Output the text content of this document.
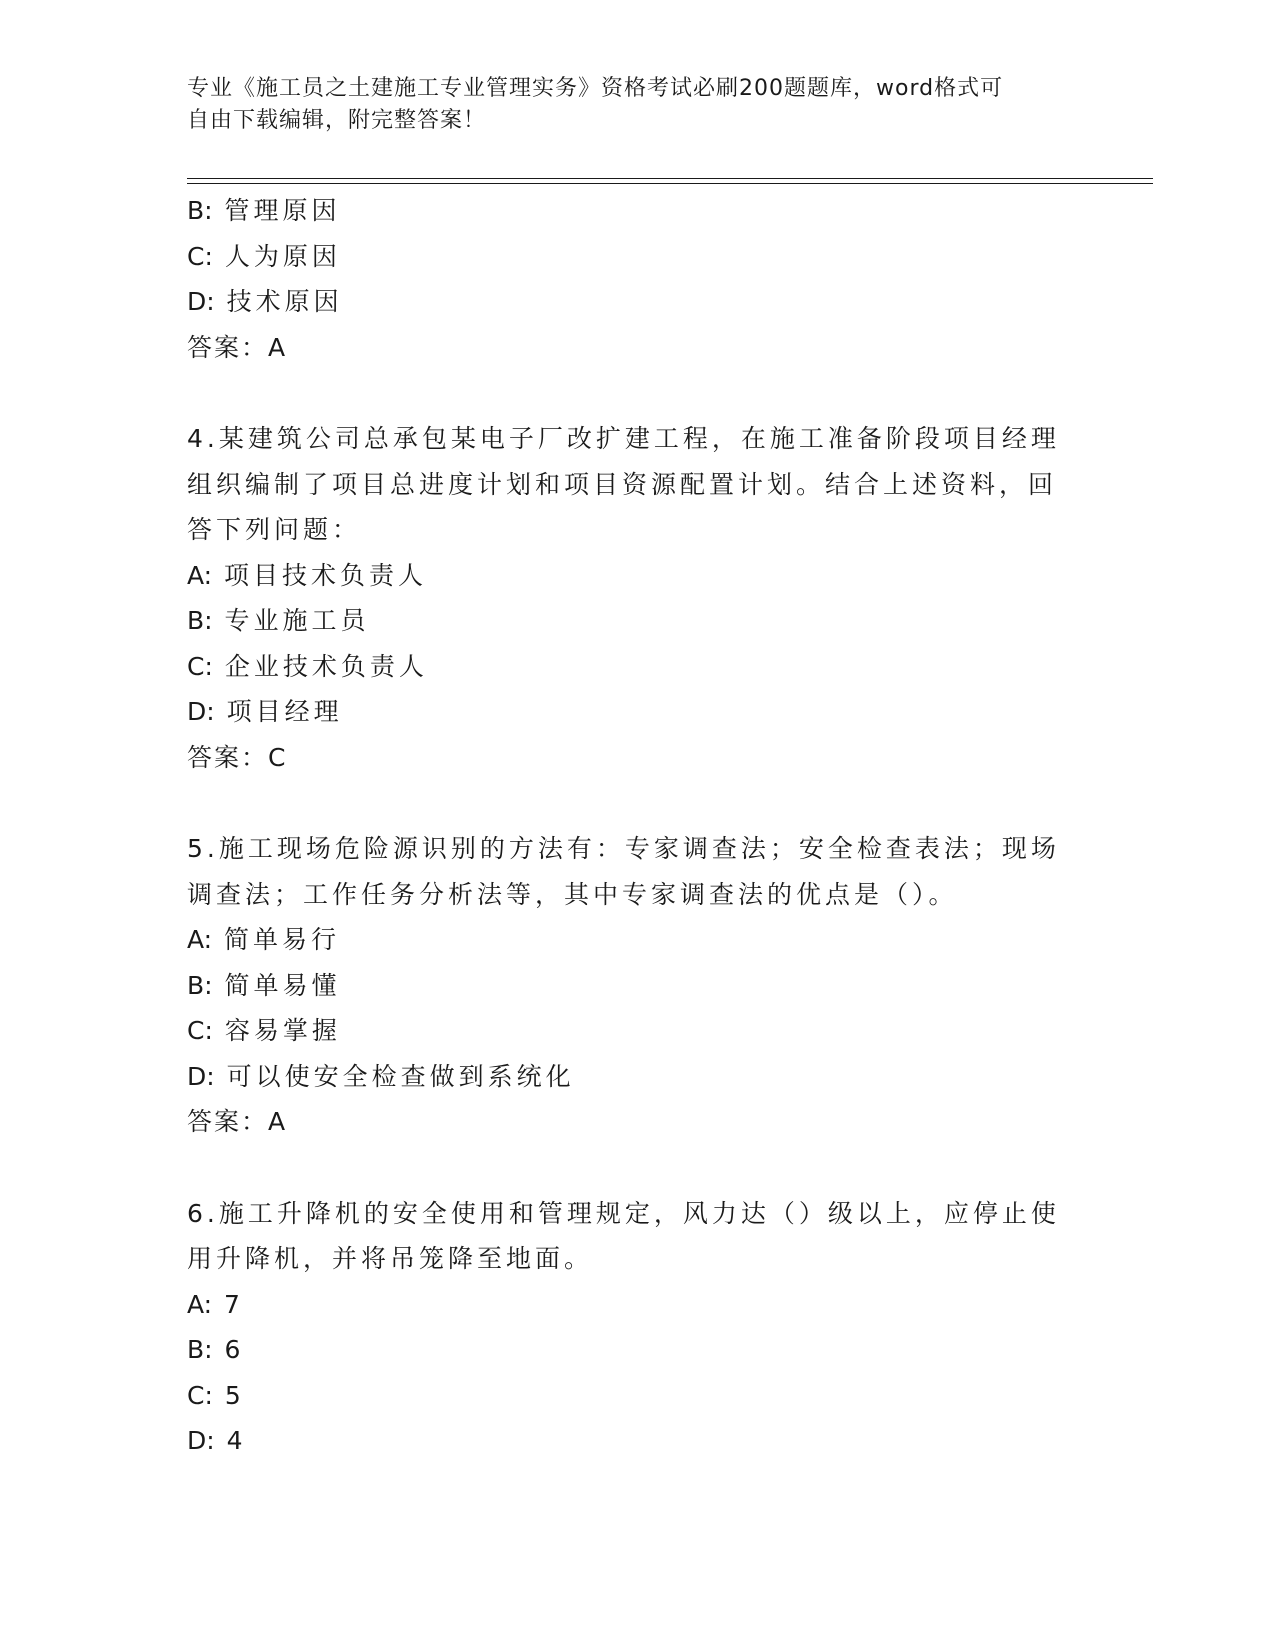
专业《施工员之土建施工专业管理实务》资格考试必刷200题题库，word格式可
自由下载编辑，附完整答案！
B: 管理原因
C: 人为原因
D: 技术原因
答案：A
4.某建筑公司总承包某电子厂改扩建工程，在施工准备阶段项目经理
组织编制了项目总进度计划和项目资源配置计划。结合上述资料，回
答下列问题：
A: 项目技术负责人
B: 专业施工员
C: 企业技术负责人
D: 项目经理
答案：C
5.施工现场危险源识别的方法有：专家调查法；安全检查表法；现场
调查法；工作任务分析法等，其中专家调查法的优点是（）。
A: 简单易行
B: 简单易懂
C: 容易掌握
D: 可以使安全检查做到系统化
答案：A
6.施工升降机的安全使用和管理规定，风力达（）级以上，应停止使
用升降机，并将吊笼降至地面。
A: 7
B: 6
C: 5
D: 4
